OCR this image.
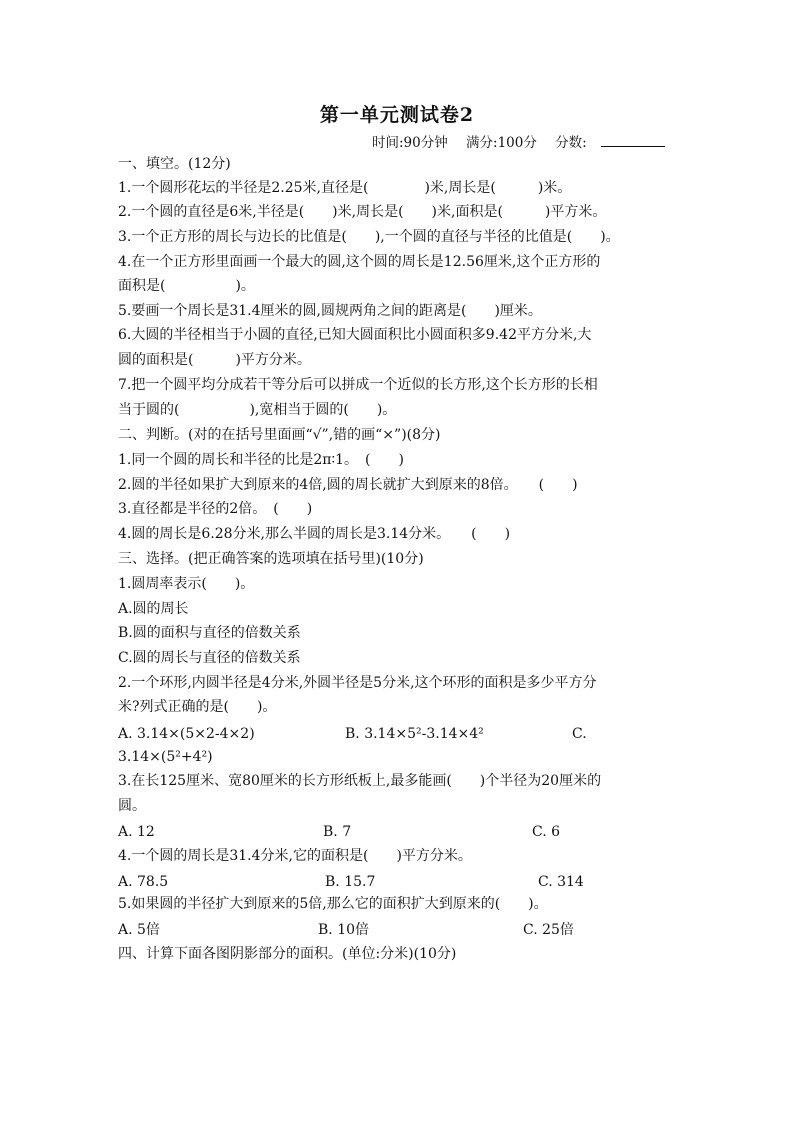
第一单元测试卷2
时间:90分钟 满分:100分 分数:
一、填空。(12分)
1.一个圆形花坛的半径是2.25米,直径是(　　　　)米,周长是(　　　)米。
2.一个圆的直径是6米,半径是(　　)米,周长是(　　)米,面积是(　　　)平方米。
3.一个正方形的周长与边长的比值是(　　),一个圆的直径与半径的比值是(　　)。
4.在一个正方形里面画一个最大的圆,这个圆的周长是12.56厘米,这个正方形的
面积是(　　　　　)。
5.要画一个周长是31.4厘米的圆,圆规两角之间的距离是(　　)厘米。
6.大圆的半径相当于小圆的直径,已知大圆面积比小圆面积多9.42平方分米,大
圆的面积是(　　　)平方分米。
7.把一个圆平均分成若干等分后可以拼成一个近似的长方形,这个长方形的长相
当于圆的(　　　　　),宽相当于圆的(　　)。
二、判断。(对的在括号里面画“√”,错的画“×”)(8分)
1.同一个圆的周长和半径的比是2π∶1。　(　　)
2.圆的半径如果扩大到原来的4倍,圆的周长就扩大到原来的8倍。　　(　　)
3.直径都是半径的2倍。　(　　)
4.圆的周长是6.28分米,那么半圆的周长是3.14分米。　　(　　)
三、选择。(把正确答案的选项填在括号里)(10分)
1.圆周率表示(　　)。
A.圆的周长
B.圆的面积与直径的倍数关系
C.圆的周长与直径的倍数关系
2.一个环形,内圆半径是4分米,外圆半径是5分米,这个环形的面积是多少平方分
米?列式正确的是(　　)。
A. 3.14×(5×2-4×2)	B. 3.14×5²-3.14×4²	C.
3.14×(5²+4²)
3.在长125厘米、宽80厘米的长方形纸板上,最多能画(　　)个半径为20厘米的
圆。
A. 12	B. 7	C. 6
4.一个圆的周长是31.4分米,它的面积是(　　)平方分米。
A. 78.5	B. 15.7	C. 314
5.如果圆的半径扩大到原来的5倍,那么它的面积扩大到原来的(　　)。
A. 5倍	B. 10倍	C. 25倍
四、计算下面各图阴影部分的面积。(单位:分米)(10分)
